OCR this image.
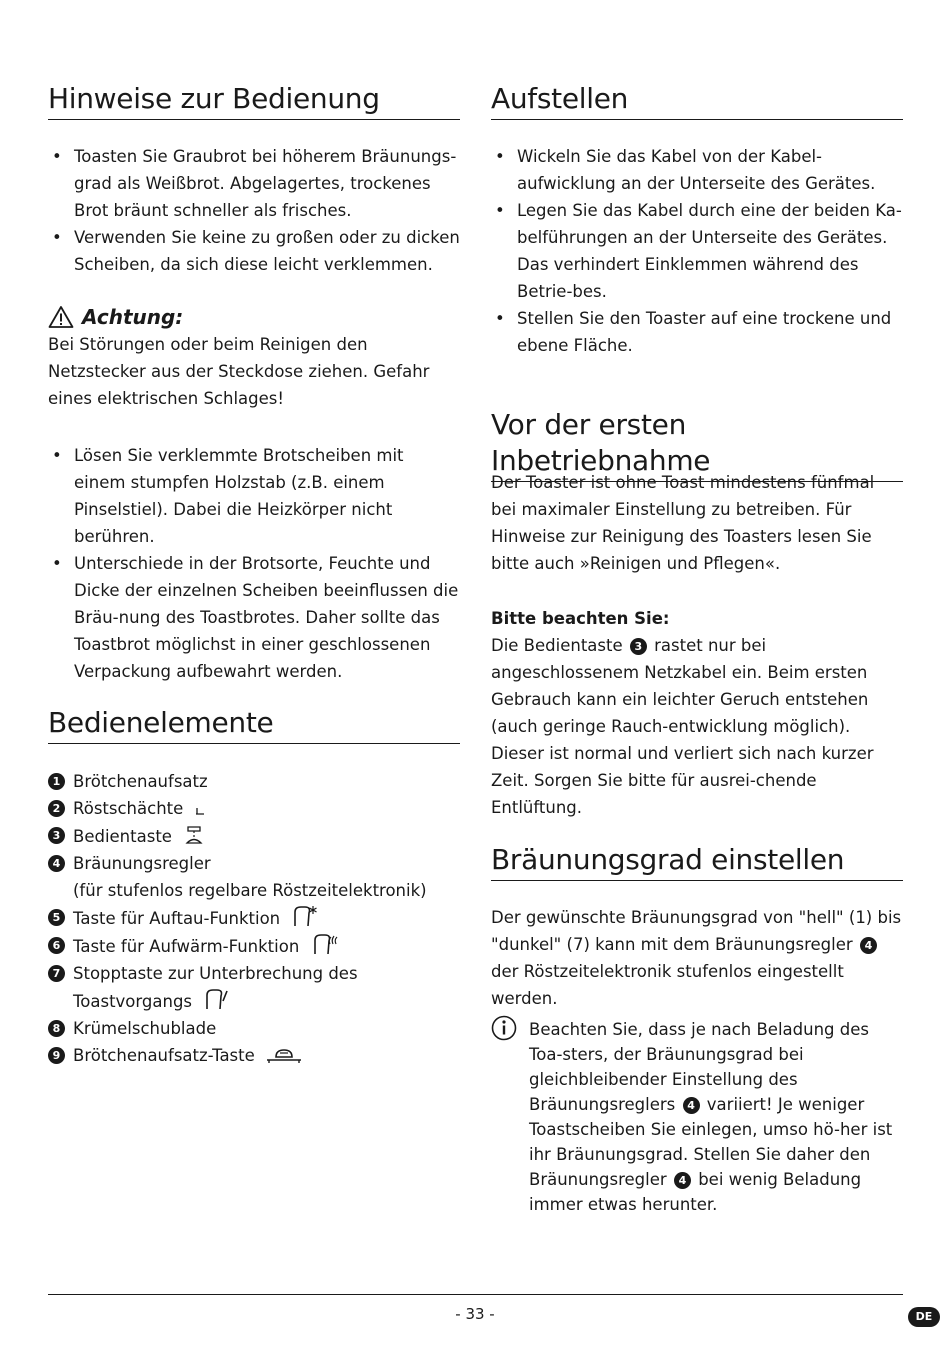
Hinweise zur Bedienung
• Toasten Sie Graubrot bei höherem Bräunungs-grad als Weißbrot. Abgelagertes, trockenes Brot bräunt schneller als frisches.
• Verwenden Sie keine zu großen oder zu dicken Scheiben, da sich diese leicht verklemmen.
Achtung:

Bei Störungen oder beim Reinigen den Netzstecker aus der Steckdose ziehen. Gefahr eines elektrischen Schlages!

• Lösen Sie verklemmte Brotscheiben mit einem stumpfen Holzstab (z.B. einem Pinselstiel). Dabei die Heizkörper nicht berühren.
• Unterschiede in der Brotsorte, Feuchte und Dicke der einzelnen Scheiben beeinflussen die Bräu-nung des Toastbrotes. Daher sollte das Toastbrot möglichst in einer geschlossenen Verpackung aufbewahrt werden.
Bedienelemente
1 Brötchenaufsatz
2 Röstschächte
3 Bedientaste
4 Bräunungsregler
(für stufenlos regelbare Röstzeitelektronik)
5 Taste für Auftau-Funktion
6 Taste für Aufwärm-Funktion
7 Stopptaste zur Unterbrechung des
Toastvorgangs
8 Krümelschublade
9 Brötchenaufsatz-Taste
Aufstellen
• Wickeln Sie das Kabel von der Kabel-aufwicklung an der Unterseite des Gerätes.
• Legen Sie das Kabel durch eine der beiden Ka-belführungen an der Unterseite des Gerätes. Das verhindert Einklemmen während des Betrie-bes.
• Stellen Sie den Toaster auf eine trockene und ebene Fläche.
Vor der ersten Inbetriebnahme

Der Toaster ist ohne Toast mindestens fünfmal bei maximaler Einstellung zu betreiben. Für Hinweise zur Reinigung des Toasters lesen Sie bitte auch »Reinigen und Pflegen«.

Bitte beachten Sie:

Die Bedientaste 3 rastet nur bei angeschlossenem Netzkabel ein. Beim ersten Gebrauch kann ein leichter Geruch entstehen (auch geringe Rauch-entwicklung möglich). Dieser ist normal und verliert sich nach kurzer Zeit. Sorgen Sie bitte für ausrei-chende Entlüftung.

Bräunungsgrad einstellen

Der gewünschte Bräunungsgrad von "hell" (1) bis "dunkel" (7) kann mit dem Bräunungsregler 4 der Röstzeitelektronik stufenlos eingestellt werden.

Beachten Sie, dass je nach Beladung des Toa-sters, der Bräunungsgrad bei gleichbleibender Einstellung des Bräunungsreglers 4 variiert! Je weniger Toastscheiben Sie einlegen, umso hö-her ist ihr Bräunungsgrad. Stellen Sie daher den Bräunungsregler 4 bei wenig Beladung immer etwas herunter.

- 33 -	DE
